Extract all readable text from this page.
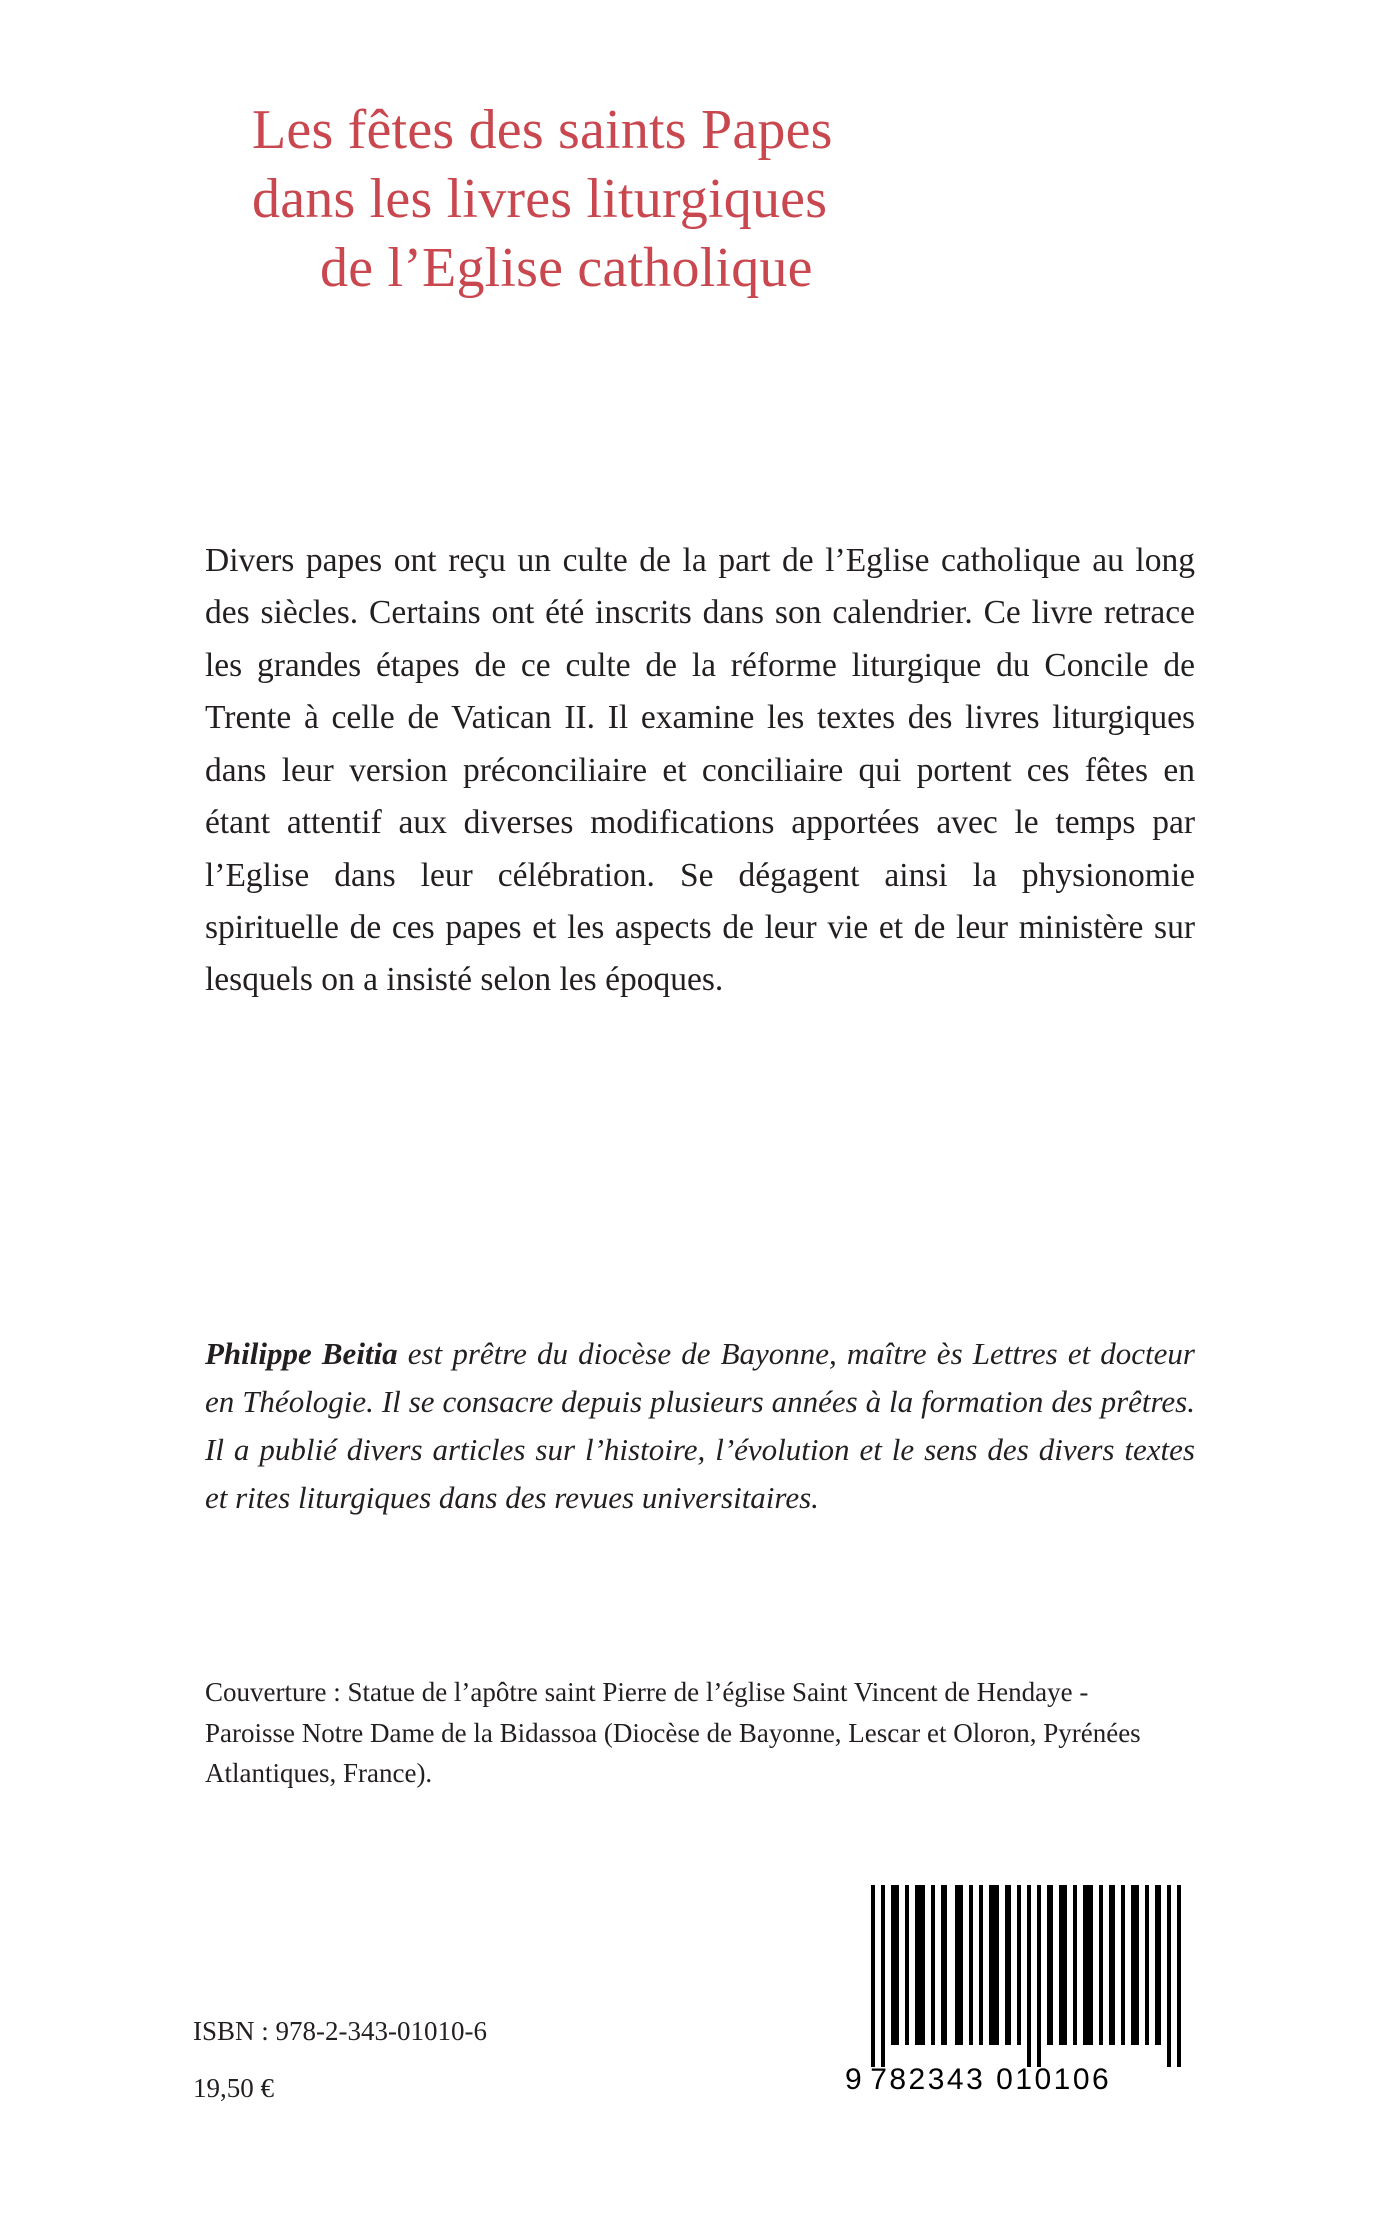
Les fêtes des saints Papes
dans les livres liturgiques
de l’Eglise catholique
Divers papes ont reçu un culte de la part de l’Eglise catholique au long des siècles. Certains ont été inscrits dans son calendrier. Ce livre retrace les grandes étapes de ce culte de la réforme liturgique du Concile de Trente à celle de Vatican II. Il examine les textes des livres liturgiques dans leur version préconciliaire et conciliaire qui portent ces fêtes en étant attentif aux diverses modifications apportées avec le temps par l’Eglise dans leur célébration. Se dégagent ainsi la physionomie spirituelle de ces papes et les aspects de leur vie et de leur ministère sur lesquels on a insisté selon les époques.
Philippe Beitia est prêtre du diocèse de Bayonne, maître ès Lettres et docteur en Théologie. Il se consacre depuis plusieurs années à la formation des prêtres. Il a publié divers articles sur l’histoire, l’évolution et le sens des divers textes et rites liturgiques dans des revues universitaires.
Couverture : Statue de l’apôtre saint Pierre de l’église Saint Vincent de Hendaye - Paroisse Notre Dame de la Bidassoa (Diocèse de Bayonne, Lescar et Oloron, Pyrénées Atlantiques, France).
ISBN : 978-2-343-01010-6
19,50 €	9 782343 010106
